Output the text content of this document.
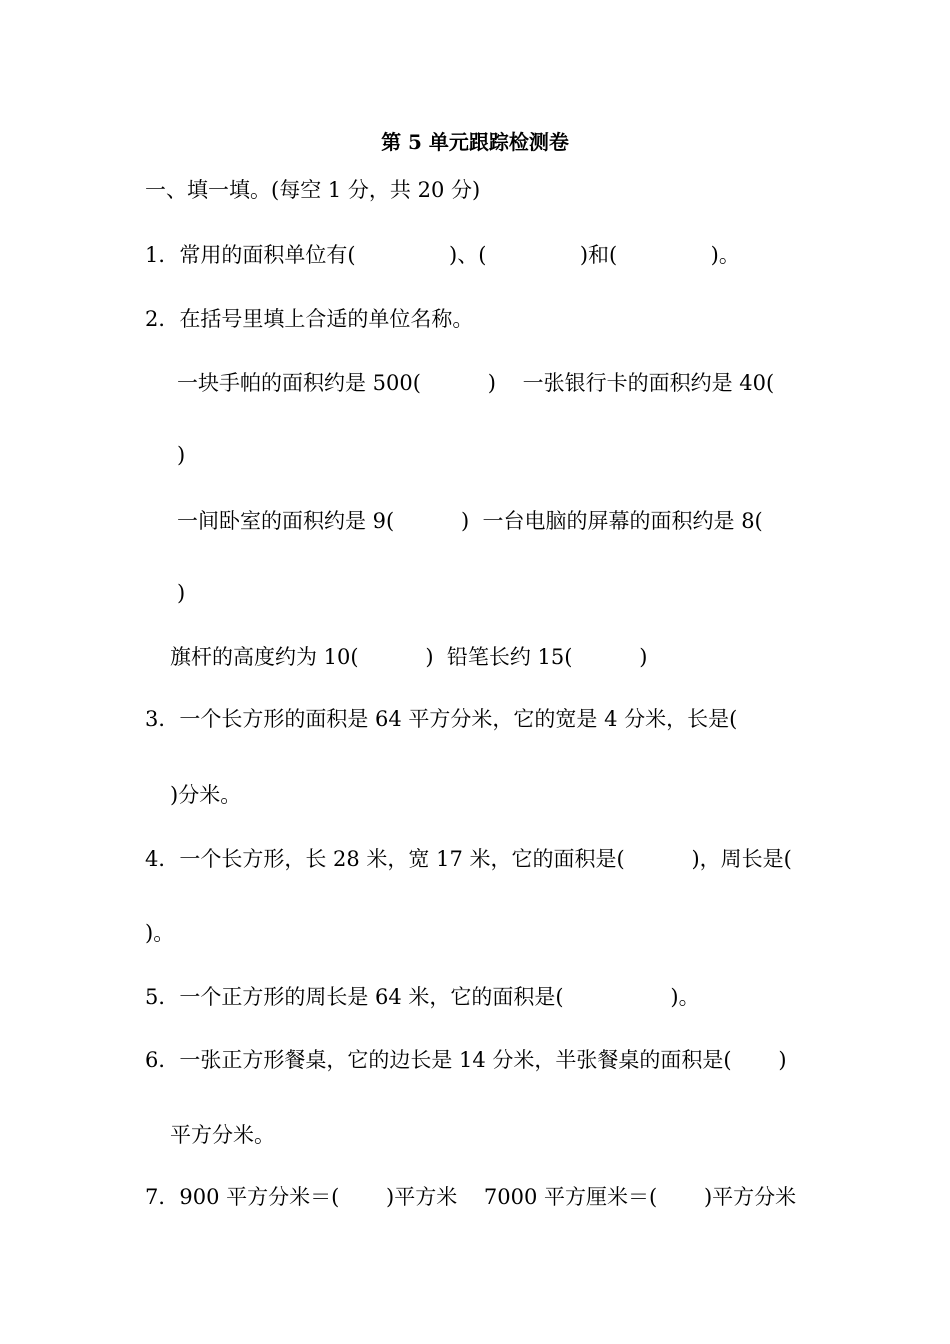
第 5 单元跟踪检测卷
一、填一填。(每空 1 分，共 20 分)
1．常用的面积单位有(              )、(              )和(              )。
2．在括号里填上合适的单位名称。
一块手帕的面积约是 500(          )    一张银行卡的面积约是 40(
)
一间卧室的面积约是 9(          )  一台电脑的屏幕的面积约是 8(
)
旗杆的高度约为 10(          )  铅笔长约 15(          )
3．一个长方形的面积是 64 平方分米，它的宽是 4 分米，长是(
)分米。
4．一个长方形，长 28 米，宽 17 米，它的面积是(          )，周长是(
)。
5．一个正方形的周长是 64 米，它的面积是(                )。
6．一张正方形餐桌，它的边长是 14 分米，半张餐桌的面积是(       )
平方分米。
7．900 平方分米＝(       )平方米    7000 平方厘米＝(       )平方分米
